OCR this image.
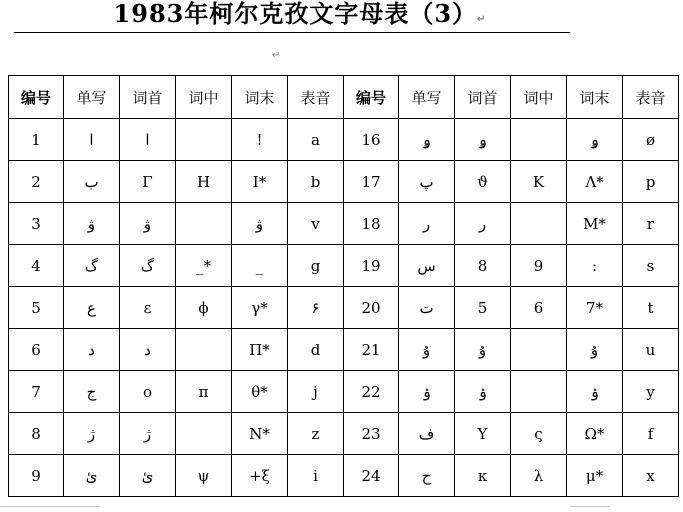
1983年柯尔克孜文字母表（3）↵
↵
编号	单写	词首	词中	词末	表音	编号	单写	词首	词中	词末	表音
1	ا	ا		!	a	16	ۅ	ۅ		ۅ	ø
2	ب	Γ	H	I*	b	17	پ	ϑ	K	Λ*	p
3	ۋ	ۋ		ۋ	v	18	ر	ر		M*	r
4	گ	گ	_*	_	g	19	س	8	9	:	s
5	ع	ε	ϕ	γ*	۶	20	ت	5	6	7*	t
6	د	د		Π*	d	21	ۇ	ۇ		ۇ	u
7	ج	o	π	θ*	j	22	ۉ	ۉ		ۉ	y
8	ژ	ژ		N*	z	23	ف	Y	ς	Ω*	f
9	ئ	ئ	ψ	+ξ	i	24	ح	κ	λ	μ*	x
